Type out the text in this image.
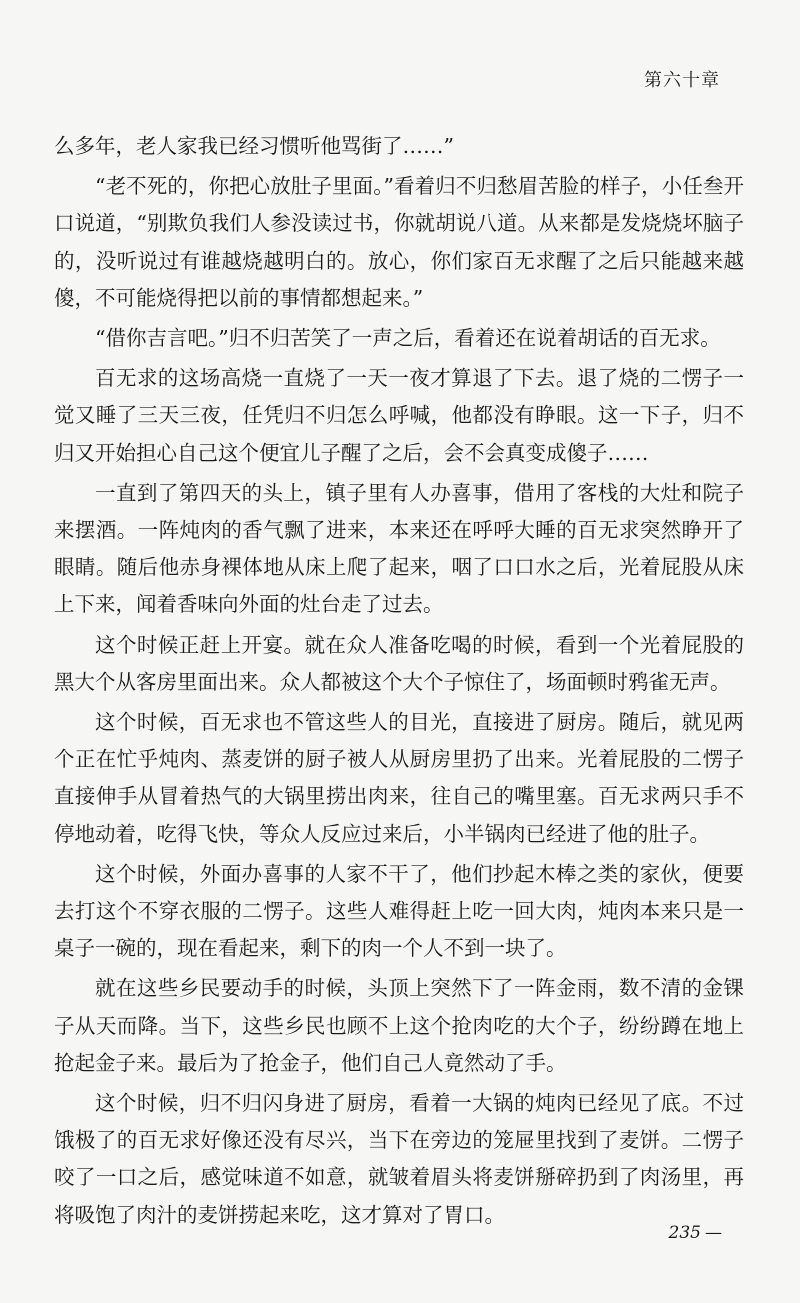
第六十章

么多年，老人家我已经习惯听他骂街了……”

“老不死的，你把心放肚子里面。”看着归不归愁眉苦脸的样子，小任叁开口说道，“别欺负我们人参没读过书，你就胡说八道。从来都是发烧烧坏脑子的，没听说过有谁越烧越明白的。放心，你们家百无求醒了之后只能越来越傻，不可能烧得把以前的事情都想起来。”

“借你吉言吧。”归不归苦笑了一声之后，看着还在说着胡话的百无求。

百无求的这场高烧一直烧了一天一夜才算退了下去。退了烧的二愣子一觉又睡了三天三夜，任凭归不归怎么呼喊，他都没有睁眼。这一下子，归不归又开始担心自己这个便宜儿子醒了之后，会不会真变成傻子……

一直到了第四天的头上，镇子里有人办喜事，借用了客栈的大灶和院子来摆酒。一阵炖肉的香气飘了进来，本来还在呼呼大睡的百无求突然睁开了眼睛。随后他赤身裸体地从床上爬了起来，咽了口口水之后，光着屁股从床上下来，闻着香味向外面的灶台走了过去。

这个时候正赶上开宴。就在众人准备吃喝的时候，看到一个光着屁股的黑大个从客房里面出来。众人都被这个大个子惊住了，场面顿时鸦雀无声。

这个时候，百无求也不管这些人的目光，直接进了厨房。随后，就见两个正在忙乎炖肉、蒸麦饼的厨子被人从厨房里扔了出来。光着屁股的二愣子直接伸手从冒着热气的大锅里捞出肉来，往自己的嘴里塞。百无求两只手不停地动着，吃得飞快，等众人反应过来后，小半锅肉已经进了他的肚子。

这个时候，外面办喜事的人家不干了，他们抄起木棒之类的家伙，便要去打这个不穿衣服的二愣子。这些人难得赶上吃一回大肉，炖肉本来只是一桌子一碗的，现在看起来，剩下的肉一个人不到一块了。

就在这些乡民要动手的时候，头顶上突然下了一阵金雨，数不清的金锞子从天而降。当下，这些乡民也顾不上这个抢肉吃的大个子，纷纷蹲在地上抢起金子来。最后为了抢金子，他们自己人竟然动了手。

这个时候，归不归闪身进了厨房，看着一大锅的炖肉已经见了底。不过饿极了的百无求好像还没有尽兴，当下在旁边的笼屉里找到了麦饼。二愣子咬了一口之后，感觉味道不如意，就皱着眉头将麦饼掰碎扔到了肉汤里，再将吸饱了肉汁的麦饼捞起来吃，这才算对了胃口。

235 —
